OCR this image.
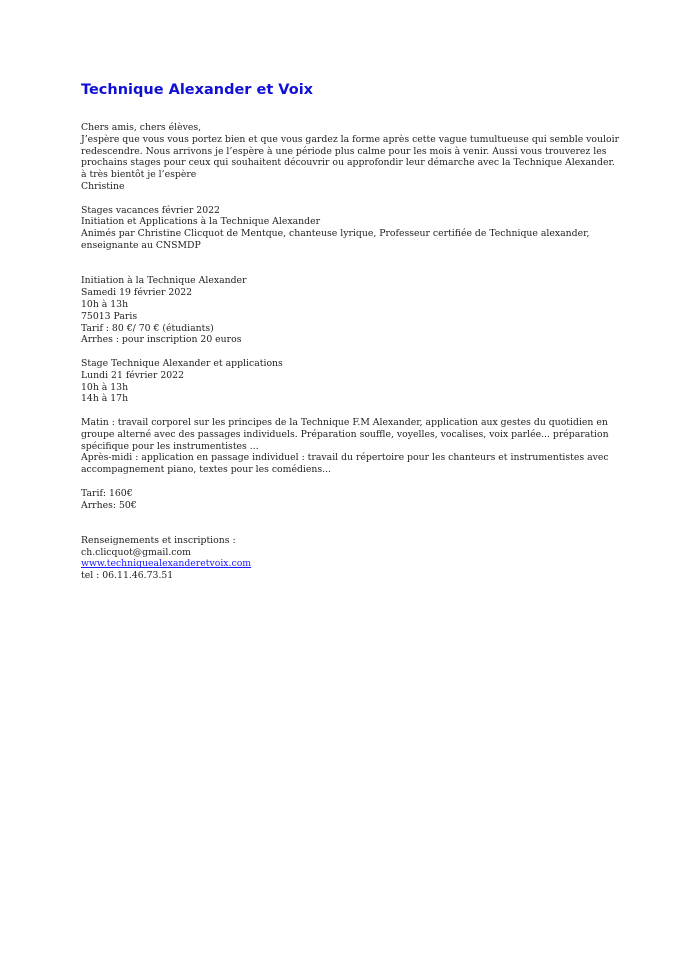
Technique Alexander et Voix
Chers amis, chers élèves,
J’espère que vous vous portez bien et que vous gardez la forme après cette vague tumultueuse qui semble vouloir
redescendre. Nous arrivons je l’espère à une période plus calme pour les mois à venir. Aussi vous trouverez les
prochains stages pour ceux qui souhaitent découvrir ou approfondir leur démarche avec la Technique Alexander.
à très bientôt je l’espère
Christine
Stages vacances février 2022
Initiation et Applications à la Technique Alexander
Animés par Christine Clicquot de Mentque, chanteuse lyrique, Professeur certifiée de Technique alexander,
enseignante au CNSMDP
Initiation à la Technique Alexander
Samedi 19 février 2022
10h à 13h
75013 Paris
Tarif : 80 €/ 70 € (étudiants)
Arrhes : pour inscription 20 euros
Stage Technique Alexander et applications
Lundi 21 février 2022
10h à 13h
14h à 17h
Matin : travail corporel sur les principes de la Technique F.M Alexander, application aux gestes du quotidien en
groupe alterné avec des passages individuels. Préparation souffle, voyelles, vocalises, voix parlée... préparation
spécifique pour les instrumentistes ...
Après-midi : application en passage individuel : travail du répertoire pour les chanteurs et instrumentistes avec
accompagnement piano, textes pour les comédiens...
Tarif: 160€
Arrhes: 50€
Renseignements et inscriptions :
ch.clicquot@gmail.com
www.techniquealexanderetvoix.com
tel : 06.11.46.73.51
